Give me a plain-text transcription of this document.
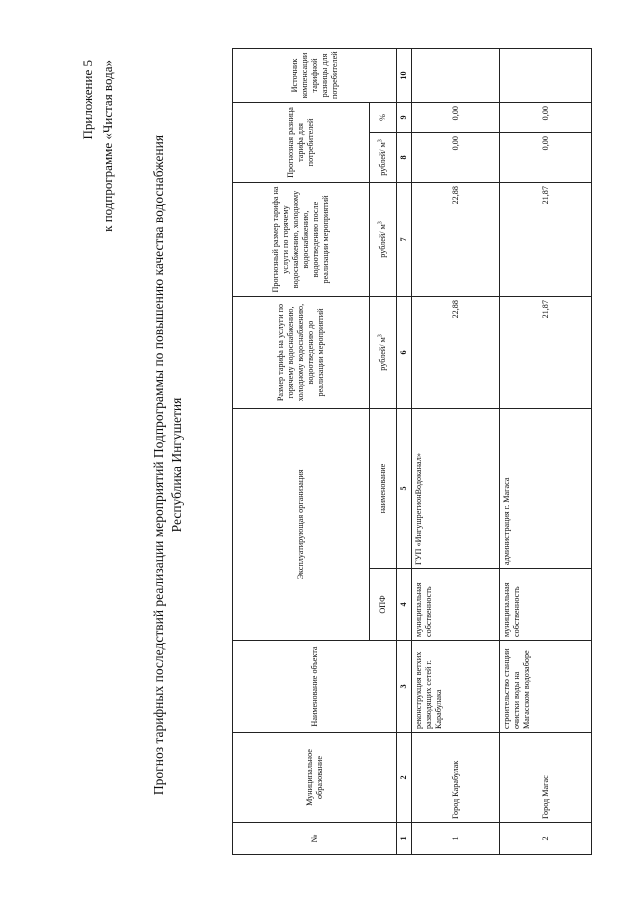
Приложение 5 к подпрограмме «Чистая вода»	Прогноз тарифных последствий реализации мероприятий Подпрограммы по повышению качества водоснабжения Республика Ингушетия
№	Муниципальное образование	Наименование объекта	Эксплуатирующая организация		Размер тарифа на услуги по горячему водоснабжению, холодному водоснабжению, водоотведению до реализации мероприятий	Прогнозный размер тарифа на услуги по горячему водоснабжению, холодному водоснабжению, водоотведению после реализации мероприятий	Прогнозная разница тарифа для потребителей		Источник компенсации тарифной разницы для потребителей
			ОПФ	наименование	рублей/ $м^3$	рублей/ $м^3$	рублей/ $м^3$	%	
1	2	3	4	5	6	7	8	9	10
1	Город Карабулак	реконструкция ветхих разводящих сетей г. Карабулака	муниципальная собственность	ГУП «ИнгушрегионВодоканал»	22,88	22,88	0,00	0,00	
2	Город Магас	строительство станции очистки воды на Магасском водозаборе	муниципальная собственность	администрация г. Магаса	21,87	21,87	0,00	0,00	
